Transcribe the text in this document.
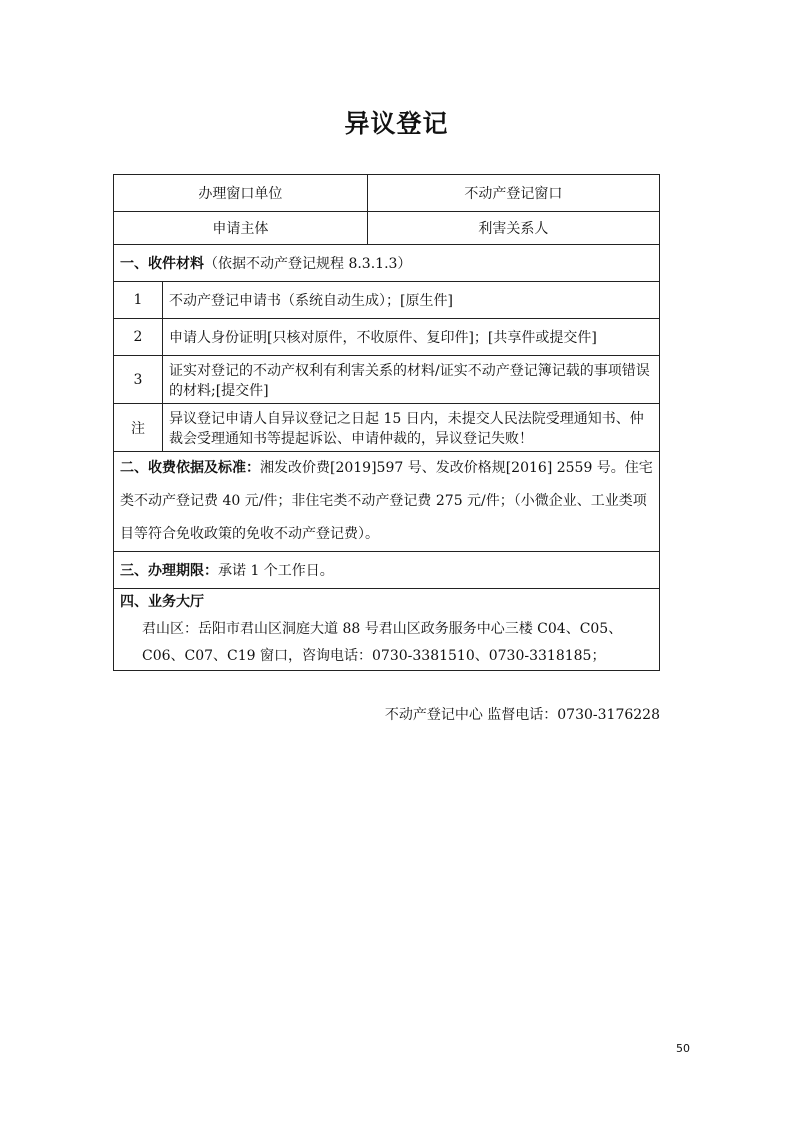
异议登记
办理窗口单位		不动产登记窗口
申请主体		利害关系人
一、收件材料（依据不动产登记规程 8.3.1.3）		
1	不动产登记申请书（系统自动生成）；[原生件]	
2	申请人身份证明[只核对原件，不收原件、复印件]；[共享件或提交件]	
3	证实对登记的不动产权利有利害关系的材料/证实不动产登记簿记载的事项错误的材料;[提交件]	
注	异议登记申请人自异议登记之日起 15 日内，未提交人民法院受理通知书、仲裁会受理通知书等提起诉讼、申请仲裁的，异议登记失败！	
二、收费依据及标准：湘发改价费[2019]597 号、发改价格规[2016] 2559 号。住宅类不动产登记费 40 元/件；非住宅类不动产登记费 275 元/件；（小微企业、工业类项目等符合免收政策的免收不动产登记费）。		
三、办理期限：承诺 1 个工作日。		
四、业务大厅

君山区：岳阳市君山区洞庭大道 88 号君山区政务服务中心三楼 C04、C05、C06、C07、C19 窗口，咨询电话：0730-3381510、0730-3318185；		
不动产登记中心 监督电话：0730-3176228
50
